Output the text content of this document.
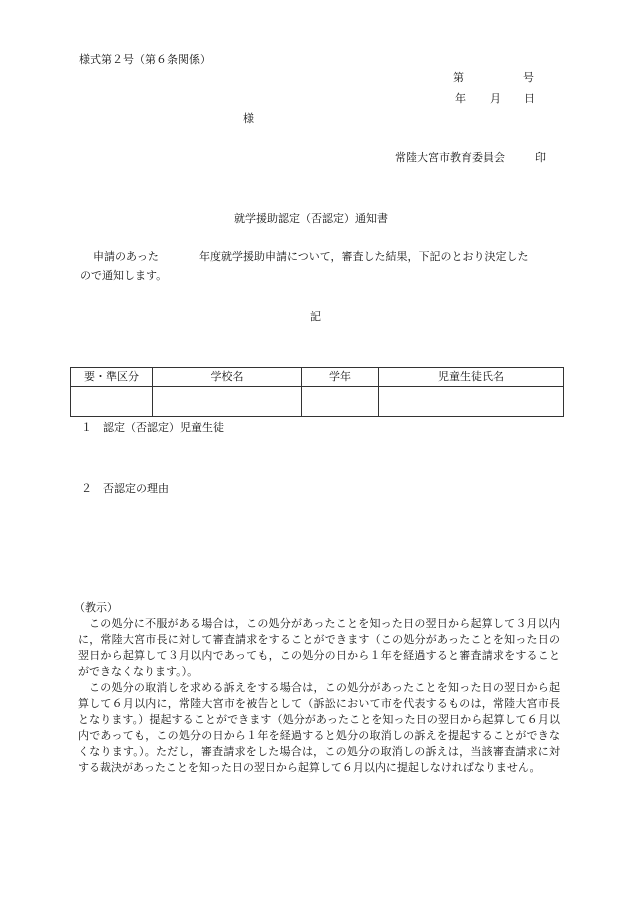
様式第２号（第６条関係）
第	号
年 月 日
様
常陸大宮市教育委員会	印
就学援助認定（否認定）通知書
申請のあった	年度就学援助申請について，審査した結果，下記のとおり決定した
ので通知します。
記
要・準区分	学校名	学年	児童生徒氏名

１ 認定（否認定）児童生徒
２ 否認定の理由

（教示）

この処分に不服がある場合は，この処分があったことを知った日の翌日から起算して３月以内に，常陸大宮市長に対して審査請求をすることができます（この処分があったことを知った日の翌日から起算して３月以内であっても，この処分の日から１年を経過すると審査請求をすることができなくなります。）。

この処分の取消しを求める訴えをする場合は，この処分があったことを知った日の翌日から起算して６月以内に，常陸大宮市を被告として（訴訟において市を代表するものは，常陸大宮市長となります。）提起することができます（処分があったことを知った日の翌日から起算して６月以内であっても，この処分の日から１年を経過すると処分の取消しの訴えを提起することができなくなります。）。ただし，審査請求をした場合は，この処分の取消しの訴えは，当該審査請求に対する裁決があったことを知った日の翌日から起算して６月以内に提起しなければなりません。
